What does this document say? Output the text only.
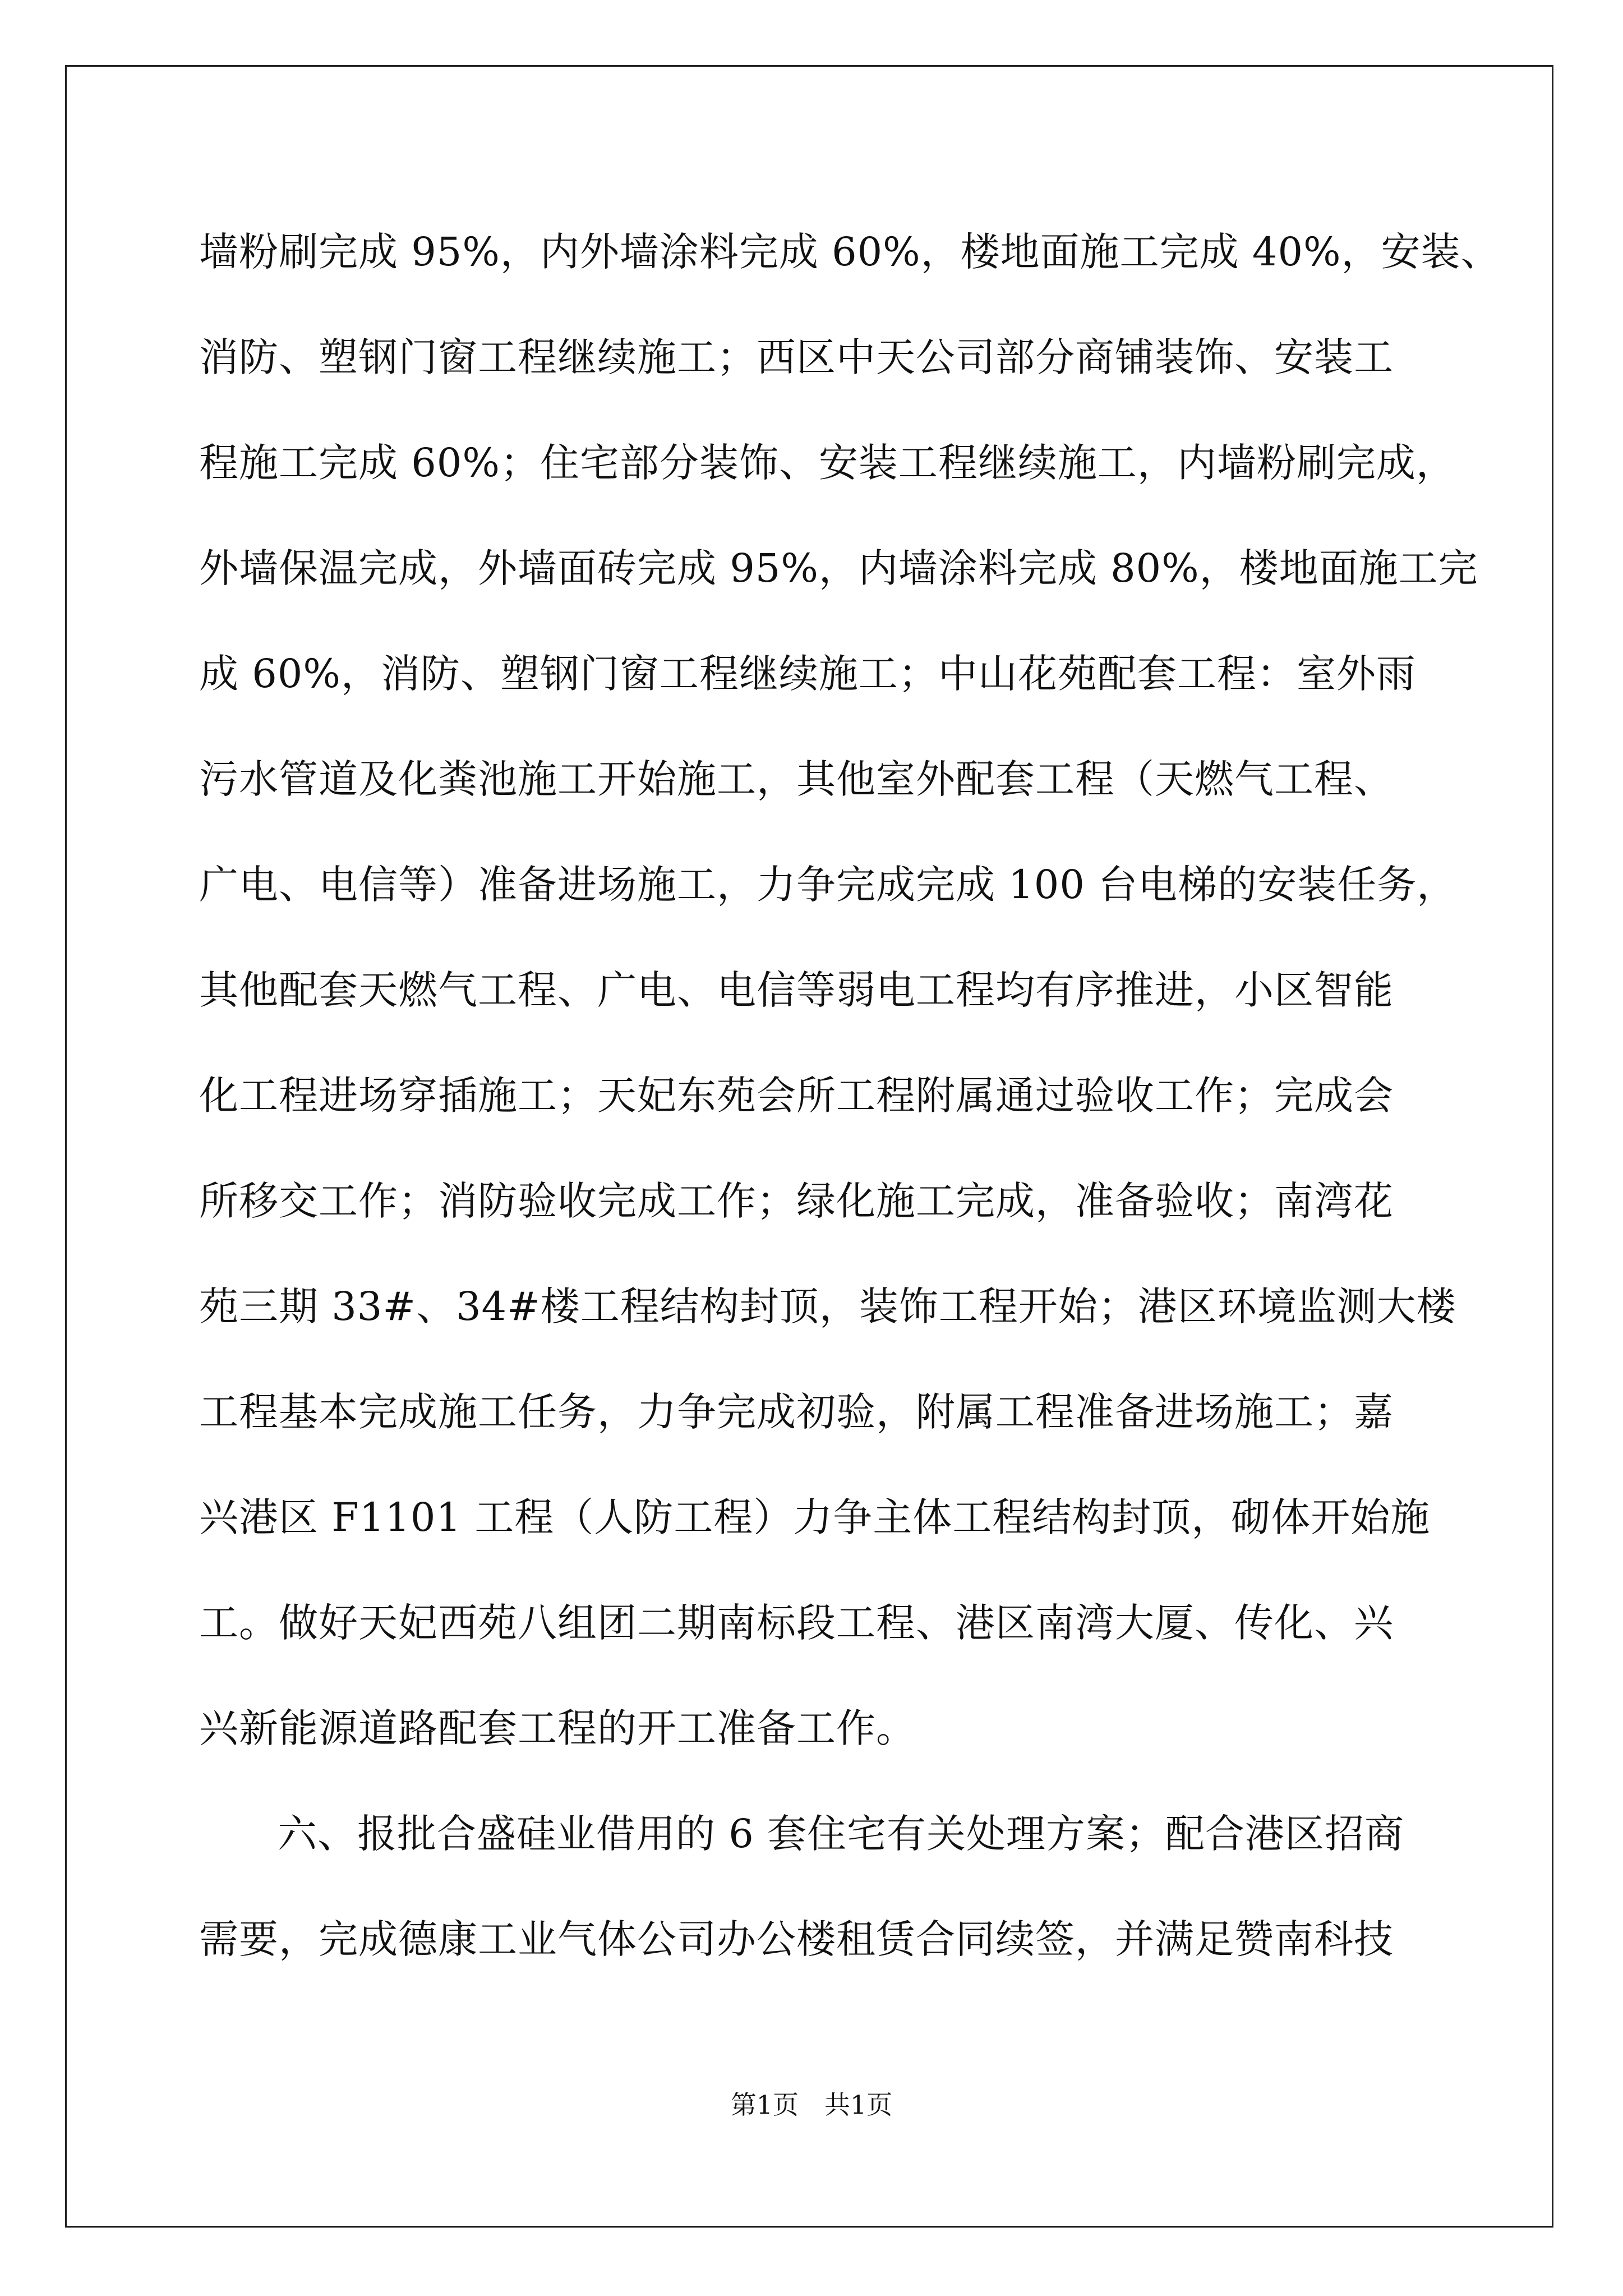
墙粉刷完成 95%，内外墙涂料完成 60%，楼地面施工完成 40%，安装、
消防、塑钢门窗工程继续施工；西区中天公司部分商铺装饰、安装工
程施工完成 60%；住宅部分装饰、安装工程继续施工，内墙粉刷完成，
外墙保温完成，外墙面砖完成 95%，内墙涂料完成 80%，楼地面施工完
成 60%，消防、塑钢门窗工程继续施工；中山花苑配套工程：室外雨
污水管道及化粪池施工开始施工，其他室外配套工程（天燃气工程、
广电、电信等）准备进场施工，力争完成完成 100 台电梯的安装任务，
其他配套天燃气工程、广电、电信等弱电工程均有序推进，小区智能
化工程进场穿插施工；天妃东苑会所工程附属通过验收工作；完成会
所移交工作；消防验收完成工作；绿化施工完成，准备验收；南湾花
苑三期 33#、34#楼工程结构封顶，装饰工程开始；港区环境监测大楼
工程基本完成施工任务，力争完成初验，附属工程准备进场施工；嘉
兴港区 F1101 工程（人防工程）力争主体工程结构封顶，砌体开始施
工。做好天妃西苑八组团二期南标段工程、港区南湾大厦、传化、兴
兴新能源道路配套工程的开工准备工作。
六、报批合盛硅业借用的 6 套住宅有关处理方案；配合港区招商
需要，完成德康工业气体公司办公楼租赁合同续签，并满足赞南科技
第1页　共1页
